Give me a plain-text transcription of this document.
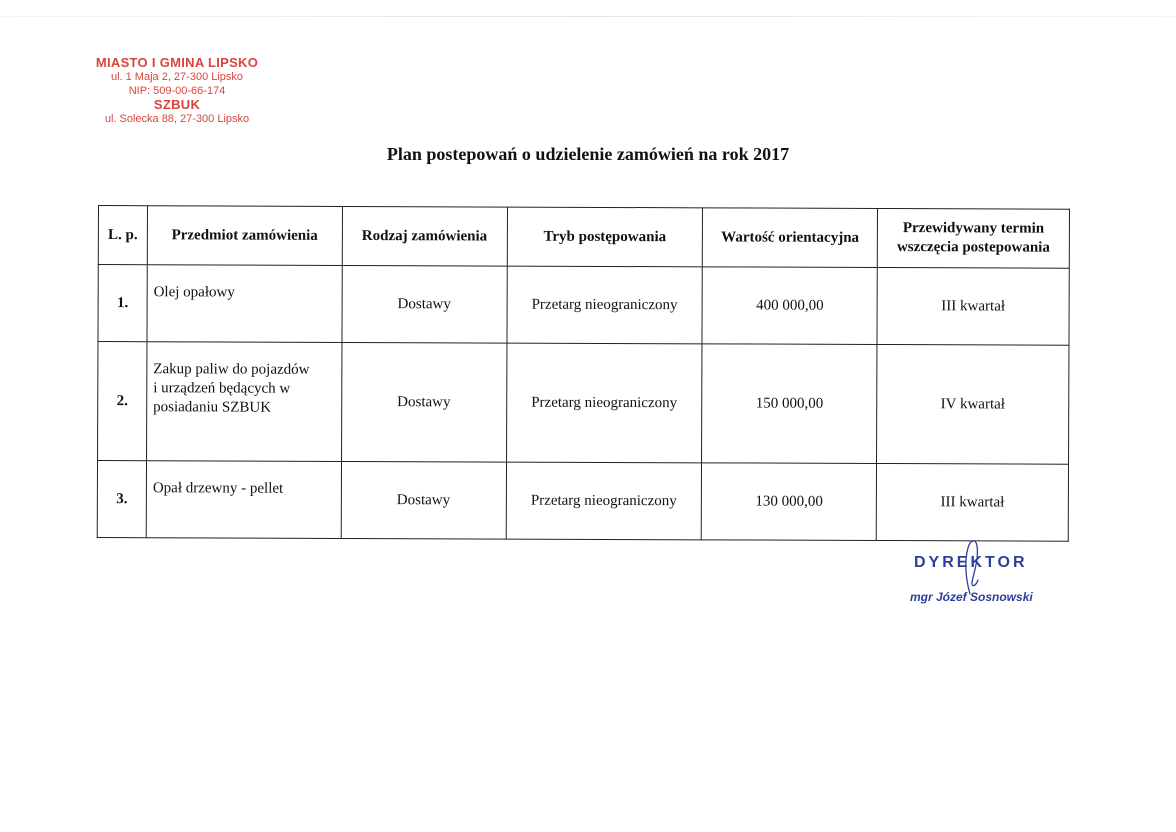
MIASTO I GMINA LIPSKO
ul. 1 Maja 2, 27-300 Lipsko
NIP: 509-00-66-174
SZBUK
ul. Solecka 88, 27-300 Lipsko
Plan postepowań o udzielenie zamówień na rok 2017
L. p.	Przedmiot zamówienia	Rodzaj zamówienia	Tryb postępowania	Wartość orientacyjna	Przewidywany termin
wszczęcia postepowania
1.	Olej opałowy	Dostawy	Przetarg nieograniczony	400 000,00	III kwartał
2.	Zakup paliw do pojazdów
i urządzeń będących w
posiadaniu SZBUK	Dostawy	Przetarg nieograniczony	150 000,00	IV kwartał
3.	Opał drzewny - pellet	Dostawy	Przetarg nieograniczony	130 000,00	III kwartał
DYREKTOR
mgr Józef Sosnowski
